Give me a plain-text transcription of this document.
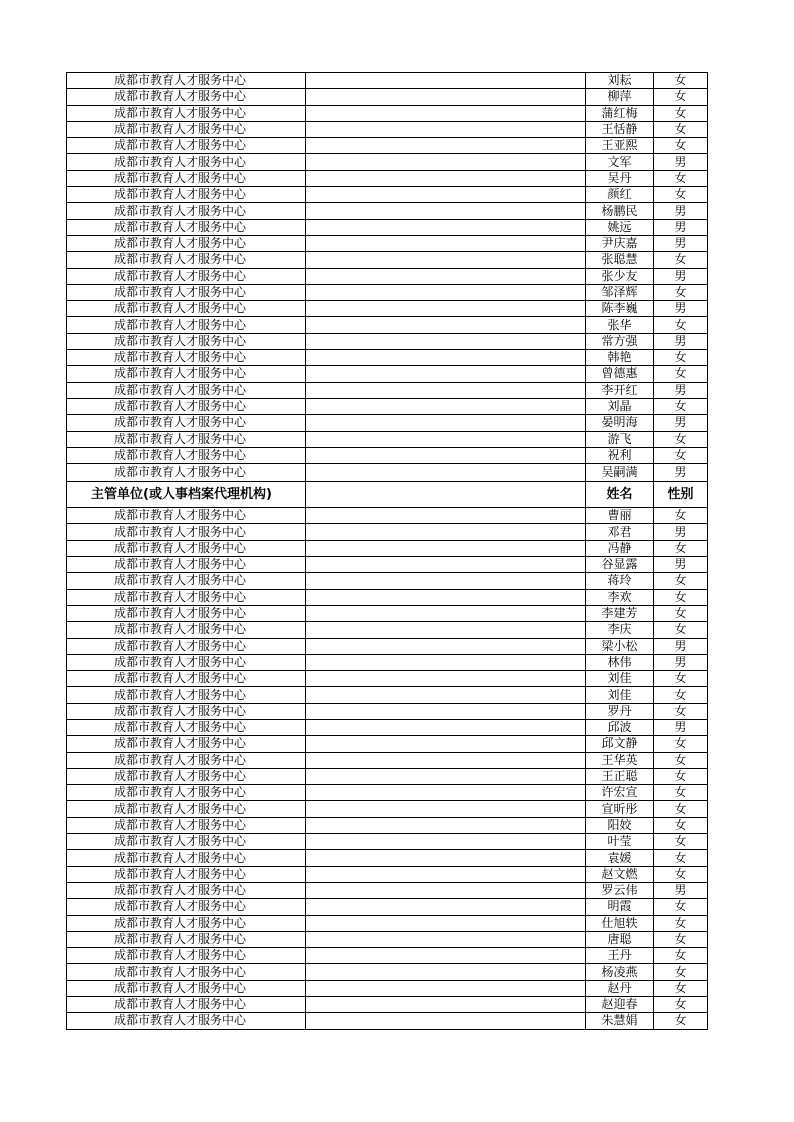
成都市教育人才服务中心		刘耘	女
成都市教育人才服务中心		柳萍	女
成都市教育人才服务中心		蒲红梅	女
成都市教育人才服务中心		王恬静	女
成都市教育人才服务中心		王亚熙	女
成都市教育人才服务中心		文军	男
成都市教育人才服务中心		吴丹	女
成都市教育人才服务中心		颜红	女
成都市教育人才服务中心		杨鹏民	男
成都市教育人才服务中心		姚远	男
成都市教育人才服务中心		尹庆嘉	男
成都市教育人才服务中心		张聪慧	女
成都市教育人才服务中心		张少友	男
成都市教育人才服务中心		邹泽辉	女
成都市教育人才服务中心		陈李巍	男
成都市教育人才服务中心		张华	女
成都市教育人才服务中心		常方强	男
成都市教育人才服务中心		韩艳	女
成都市教育人才服务中心		曾德惠	女
成都市教育人才服务中心		李开红	男
成都市教育人才服务中心		刘晶	女
成都市教育人才服务中心		晏明海	男
成都市教育人才服务中心		游飞	女
成都市教育人才服务中心		祝利	女
成都市教育人才服务中心		吴嗣满	男
主管单位(或人事档案代理机构)		姓名	性别
成都市教育人才服务中心		曹丽	女
成都市教育人才服务中心		邓君	男
成都市教育人才服务中心		冯静	女
成都市教育人才服务中心		谷显露	男
成都市教育人才服务中心		蒋玲	女
成都市教育人才服务中心		李欢	女
成都市教育人才服务中心		李建芳	女
成都市教育人才服务中心		李庆	女
成都市教育人才服务中心		梁小松	男
成都市教育人才服务中心		林伟	男
成都市教育人才服务中心		刘佳	女
成都市教育人才服务中心		刘佳	女
成都市教育人才服务中心		罗丹	女
成都市教育人才服务中心		邱波	男
成都市教育人才服务中心		邱文静	女
成都市教育人才服务中心		王华英	女
成都市教育人才服务中心		王正聪	女
成都市教育人才服务中心		许宏宣	女
成都市教育人才服务中心		宣昕彤	女
成都市教育人才服务中心		阳姣	女
成都市教育人才服务中心		叶莹	女
成都市教育人才服务中心		袁媛	女
成都市教育人才服务中心		赵文燃	女
成都市教育人才服务中心		罗云伟	男
成都市教育人才服务中心		明霞	女
成都市教育人才服务中心		仕旭轶	女
成都市教育人才服务中心		唐聪	女
成都市教育人才服务中心		王丹	女
成都市教育人才服务中心		杨凌燕	女
成都市教育人才服务中心		赵丹	女
成都市教育人才服务中心		赵迎春	女
成都市教育人才服务中心		朱慧娟	女
